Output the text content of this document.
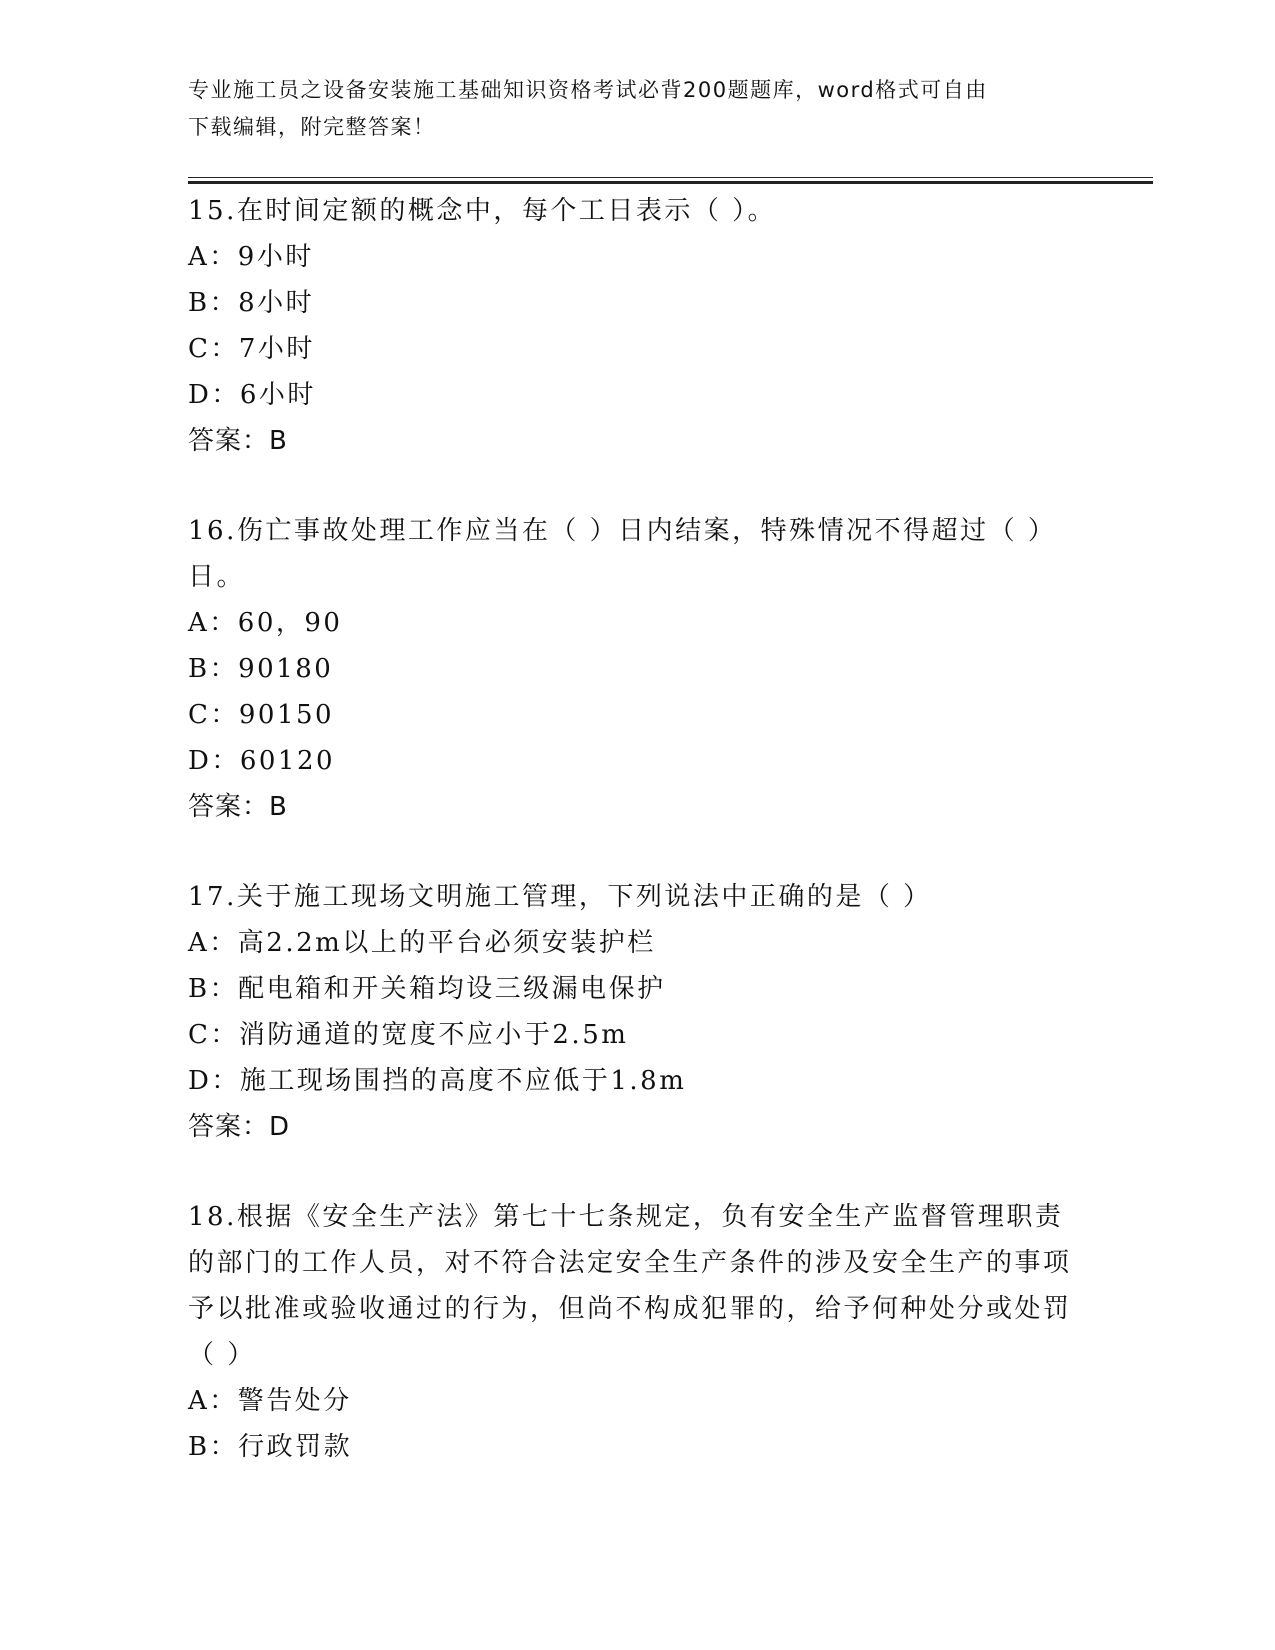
专业施工员之设备安装施工基础知识资格考试必背200题题库，word格式可自由
下载编辑，附完整答案！
15.在时间定额的概念中，每个工日表示（ ）。
A：9小时
B：8小时
C：7小时
D：6小时
答案：B
16.伤亡事故处理工作应当在（ ）日内结案，特殊情况不得超过（ ）日。
A：60，90
B：90180
C：90150
D：60120
答案：B
17.关于施工现场文明施工管理，下列说法中正确的是（ ）
A：高2.2m以上的平台必须安装护栏
B：配电箱和开关箱均设三级漏电保护
C：消防通道的宽度不应小于2.5m
D：施工现场围挡的高度不应低于1.8m
答案：D
18.根据《安全生产法》第七十七条规定，负有安全生产监督管理职责的部门的工作人员，对不符合法定安全生产条件的涉及安全生产的事项予以批准或验收通过的行为，但尚不构成犯罪的，给予何种处分或处罚（ ）
A：警告处分
B：行政罚款
